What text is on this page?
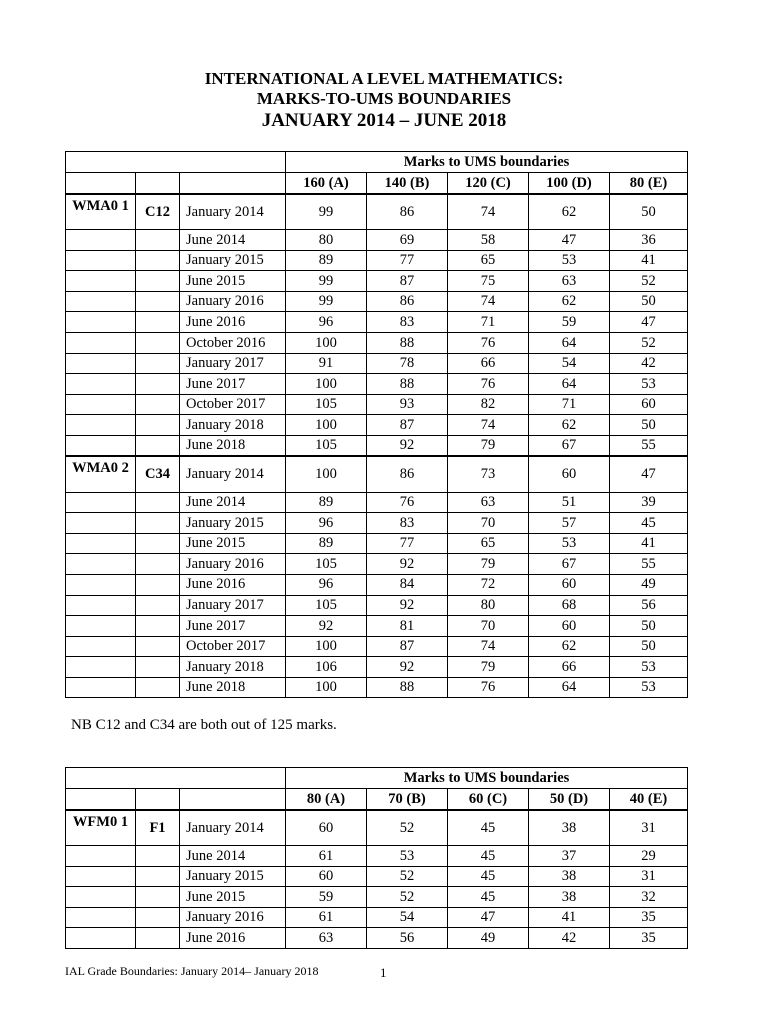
INTERNATIONAL A LEVEL MATHEMATICS:
MARKS-TO-UMS BOUNDARIES
JANUARY 2014 – JUNE 2018
			Marks to UMS boundaries				
			160 (A)	140 (B)	120 (C)	100 (D)	80 (E)
WMA0 1	C12	January 2014	99	86	74	62	50
		June 2014	80	69	58	47	36
		January 2015	89	77	65	53	41
		June 2015	99	87	75	63	52
		January 2016	99	86	74	62	50
		June 2016	96	83	71	59	47
		October 2016	100	88	76	64	52
		January 2017	91	78	66	54	42
		June 2017	100	88	76	64	53
		October 2017	105	93	82	71	60
		January 2018	100	87	74	62	50
		June 2018	105	92	79	67	55
WMA0 2	C34	January 2014	100	86	73	60	47
		June 2014	89	76	63	51	39
		January 2015	96	83	70	57	45
		June 2015	89	77	65	53	41
		January 2016	105	92	79	67	55
		June 2016	96	84	72	60	49
		January 2017	105	92	80	68	56
		June 2017	92	81	70	60	50
		October 2017	100	87	74	62	50
		January 2018	106	92	79	66	53
		June 2018	100	88	76	64	53

NB C12 and C34 are both out of 125 marks.

			Marks to UMS boundaries				
			80 (A)	70 (B)	60 (C)	50 (D)	40 (E)
WFM0 1	F1	January 2014	60	52	45	38	31
		June 2014	61	53	45	37	29
		January 2015	60	52	45	38	31
		June 2015	59	52	45	38	32
		January 2016	61	54	47	41	35
		June 2016	63	56	49	42	35

IAL Grade Boundaries: January 2014– January 2018	1
